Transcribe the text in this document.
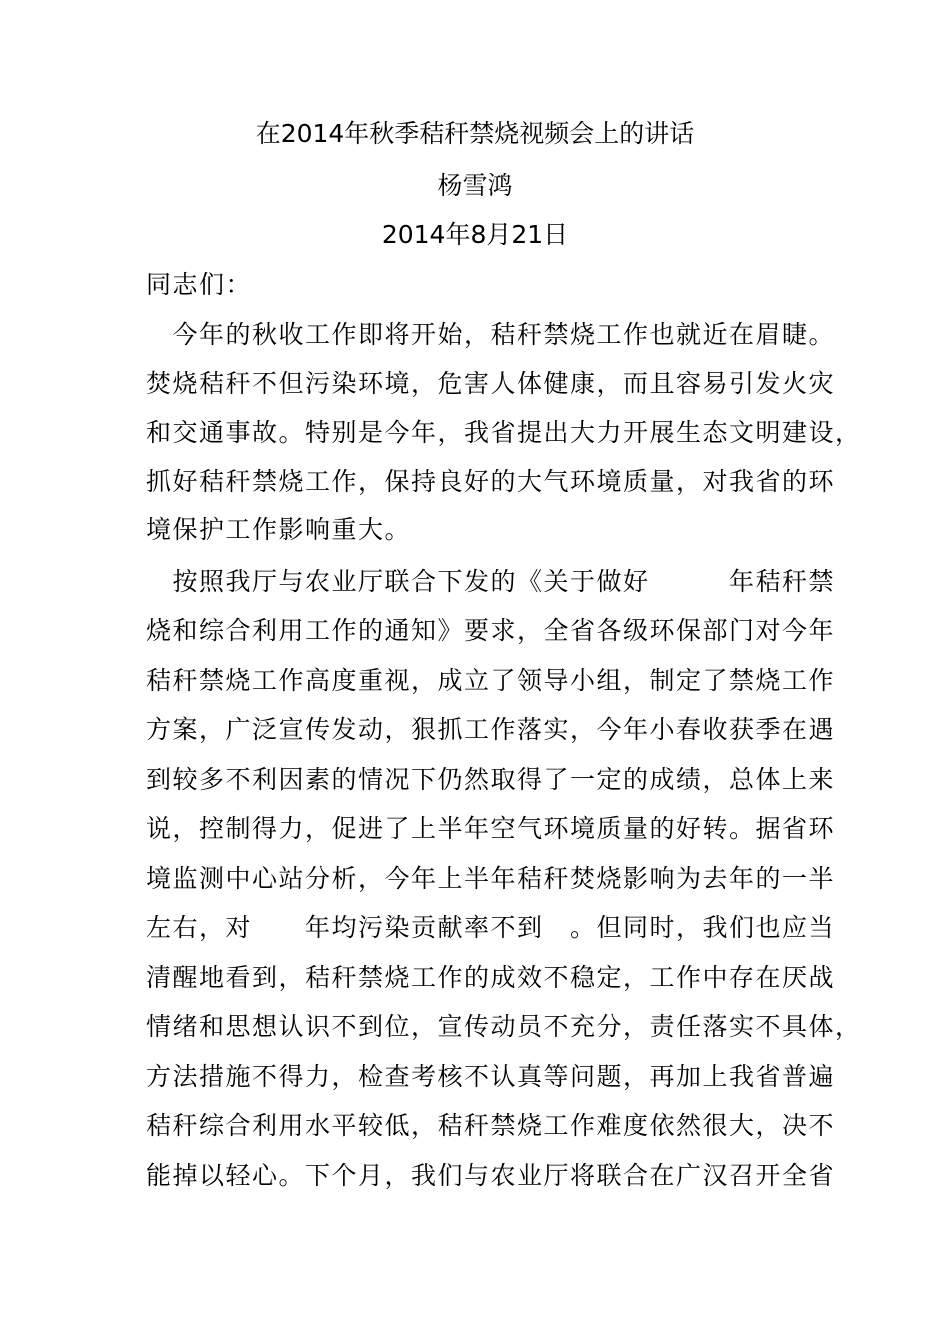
在2014年秋季秸秆禁烧视频会上的讲话
杨雪鸿
2014年8月21日
同志们：
　今年的秋收工作即将开始，秸秆禁烧工作也就近在眉睫。
焚烧秸秆不但污染环境，危害人体健康，而且容易引发火灾
和交通事故。特别是今年，我省提出大力开展生态文明建设，
抓好秸秆禁烧工作，保持良好的大气环境质量，对我省的环
境保护工作影响重大。
　按照我厅与农业厅联合下发的《关于做好　　　年秸秆禁
烧和综合利用工作的通知》要求，全省各级环保部门对今年
秸秆禁烧工作高度重视，成立了领导小组，制定了禁烧工作
方案，广泛宣传发动，狠抓工作落实，今年小春收获季在遇
到较多不利因素的情况下仍然取得了一定的成绩，总体上来
说，控制得力，促进了上半年空气环境质量的好转。据省环
境监测中心站分析，今年上半年秸秆焚烧影响为去年的一半
左右，对　　年均污染贡献率不到　。但同时，我们也应当
清醒地看到，秸秆禁烧工作的成效不稳定，工作中存在厌战
情绪和思想认识不到位，宣传动员不充分，责任落实不具体，
方法措施不得力，检查考核不认真等问题，再加上我省普遍
秸秆综合利用水平较低，秸秆禁烧工作难度依然很大，决不
能掉以轻心。下个月，我们与农业厅将联合在广汉召开全省
